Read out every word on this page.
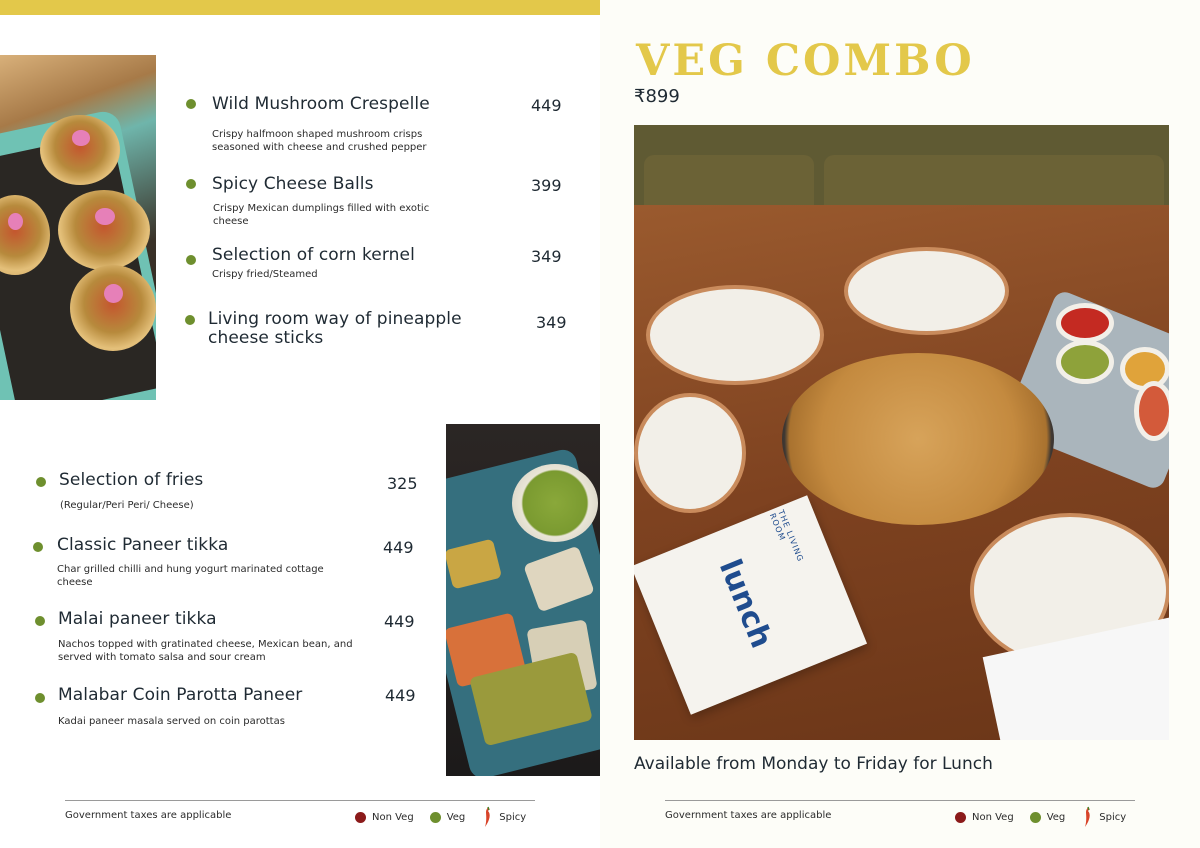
Wild Mushroom Crespelle	449
Crispy halfmoon shaped mushroom crisps seasoned with cheese and crushed pepper
Spicy Cheese Balls	399
Crispy Mexican dumplings filled with exotic cheese
Selection of corn kernel	349
Crispy fried/Steamed
Living room way of pineapple cheese sticks
349
Selection of fries	325
(Regular/Peri Peri/ Cheese)
Classic Paneer tikka	449
Char grilled chilli and hung yogurt marinated cottage cheese
Malai paneer tikka	449
Nachos topped with gratinated cheese, Mexican bean, and served with tomato salsa and sour cream
Malabar Coin Parotta Paneer	449
Kadai paneer masala served on coin parottas
Government taxes are applicable	Non Veg	Veg	Spicy
VEG COMBO
₹899
lunch
THE LIVING ROOM
Available from Monday to Friday for Lunch
Government taxes are applicable	Non Veg	Veg	Spicy
